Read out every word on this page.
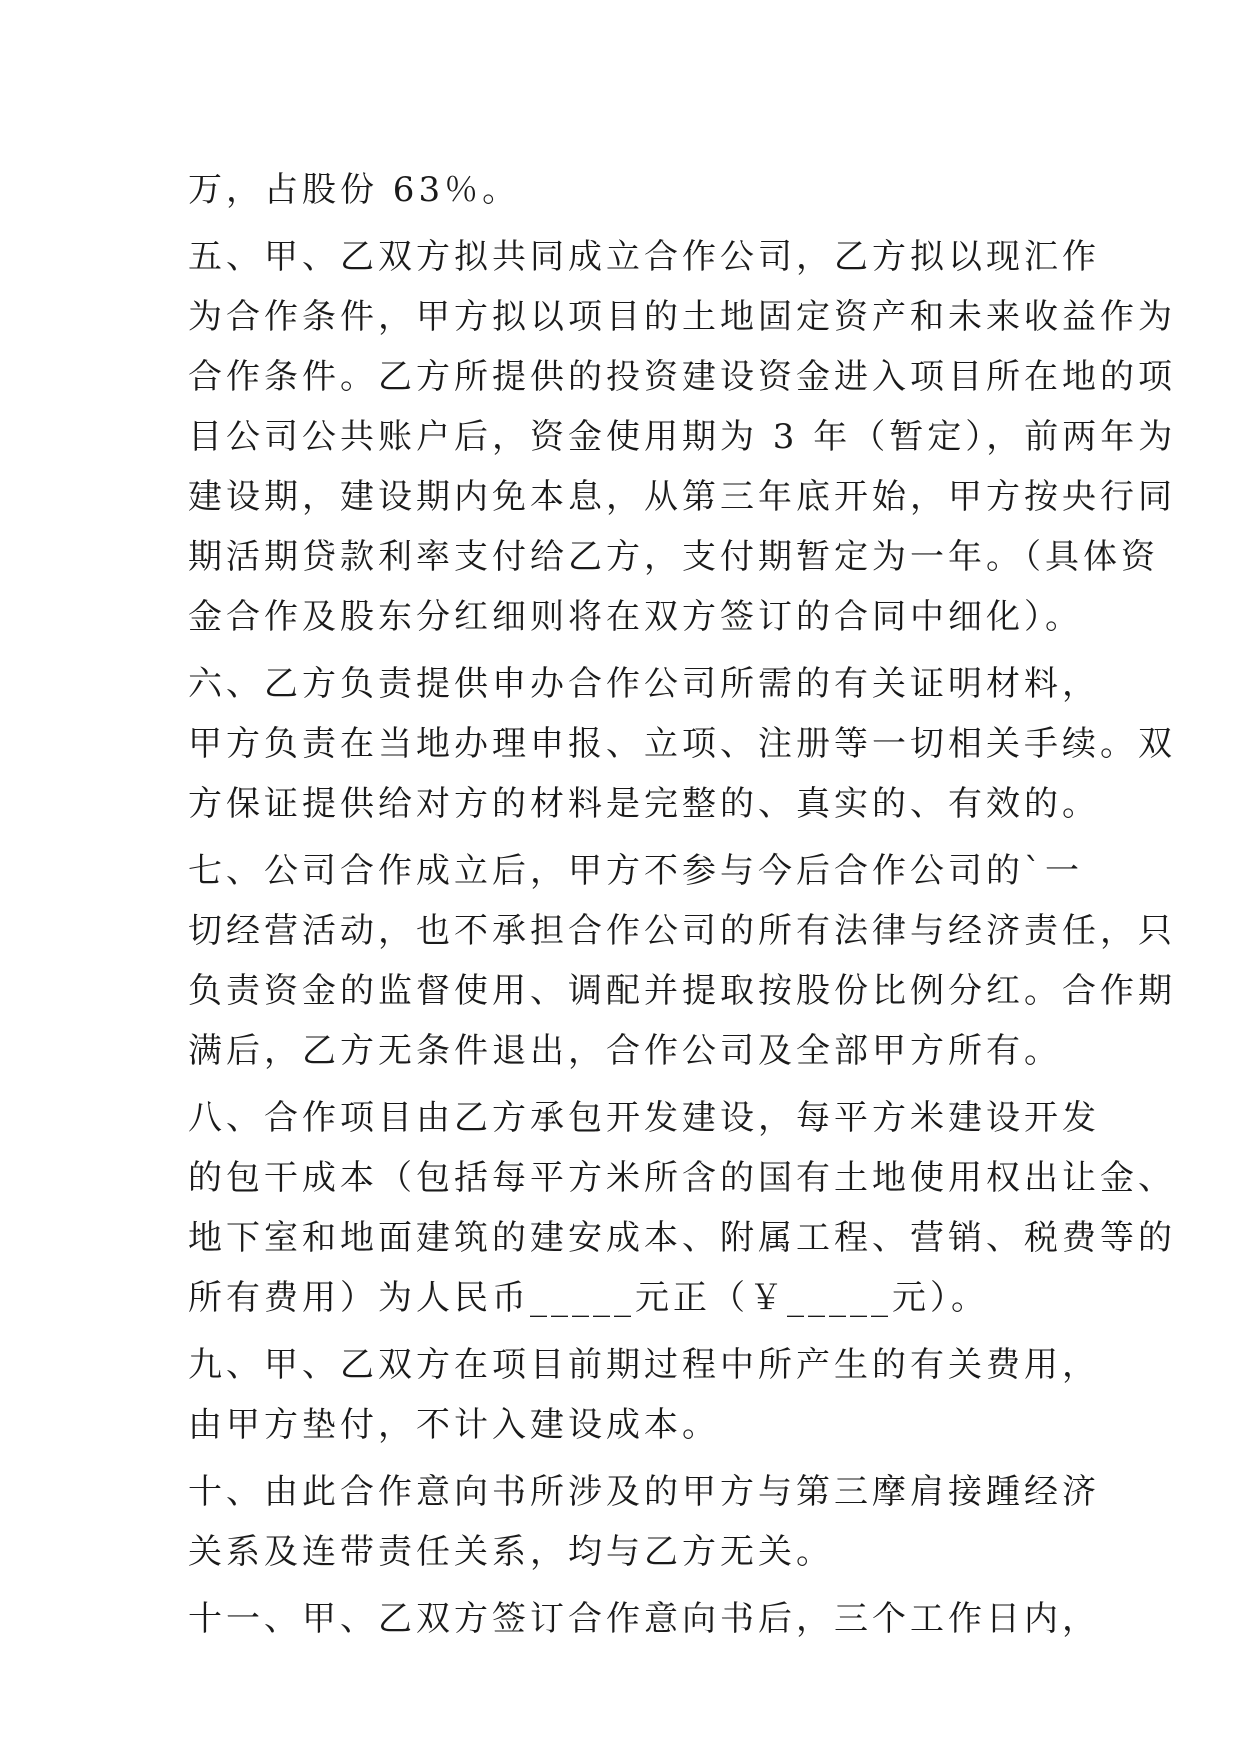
万，占股份 63％。
五、甲、乙双方拟共同成立合作公司，乙方拟以现汇作
为合作条件，甲方拟以项目的土地固定资产和未来收益作为
合作条件。乙方所提供的投资建设资金进入项目所在地的项
目公司公共账户后，资金使用期为 3 年（暂定），前两年为
建设期，建设期内免本息，从第三年底开始，甲方按央行同
期活期贷款利率支付给乙方，支付期暂定为一年。（具体资
金合作及股东分红细则将在双方签订的合同中细化）。
六、乙方负责提供申办合作公司所需的有关证明材料，
甲方负责在当地办理申报、立项、注册等一切相关手续。双
方保证提供给对方的材料是完整的、真实的、有效的。
七、公司合作成立后，甲方不参与今后合作公司的`一
切经营活动，也不承担合作公司的所有法律与经济责任，只
负责资金的监督使用、调配并提取按股份比例分红。合作期
满后，乙方无条件退出，合作公司及全部甲方所有。
八、合作项目由乙方承包开发建设，每平方米建设开发
的包干成本（包括每平方米所含的国有土地使用权出让金、
地下室和地面建筑的建安成本、附属工程、营销、税费等的
所有费用）为人民币_____元正（￥_____元）。
九、甲、乙双方在项目前期过程中所产生的有关费用，
由甲方垫付，不计入建设成本。
十、由此合作意向书所涉及的甲方与第三摩肩接踵经济
关系及连带责任关系，均与乙方无关。
十一、甲、乙双方签订合作意向书后，三个工作日内，
